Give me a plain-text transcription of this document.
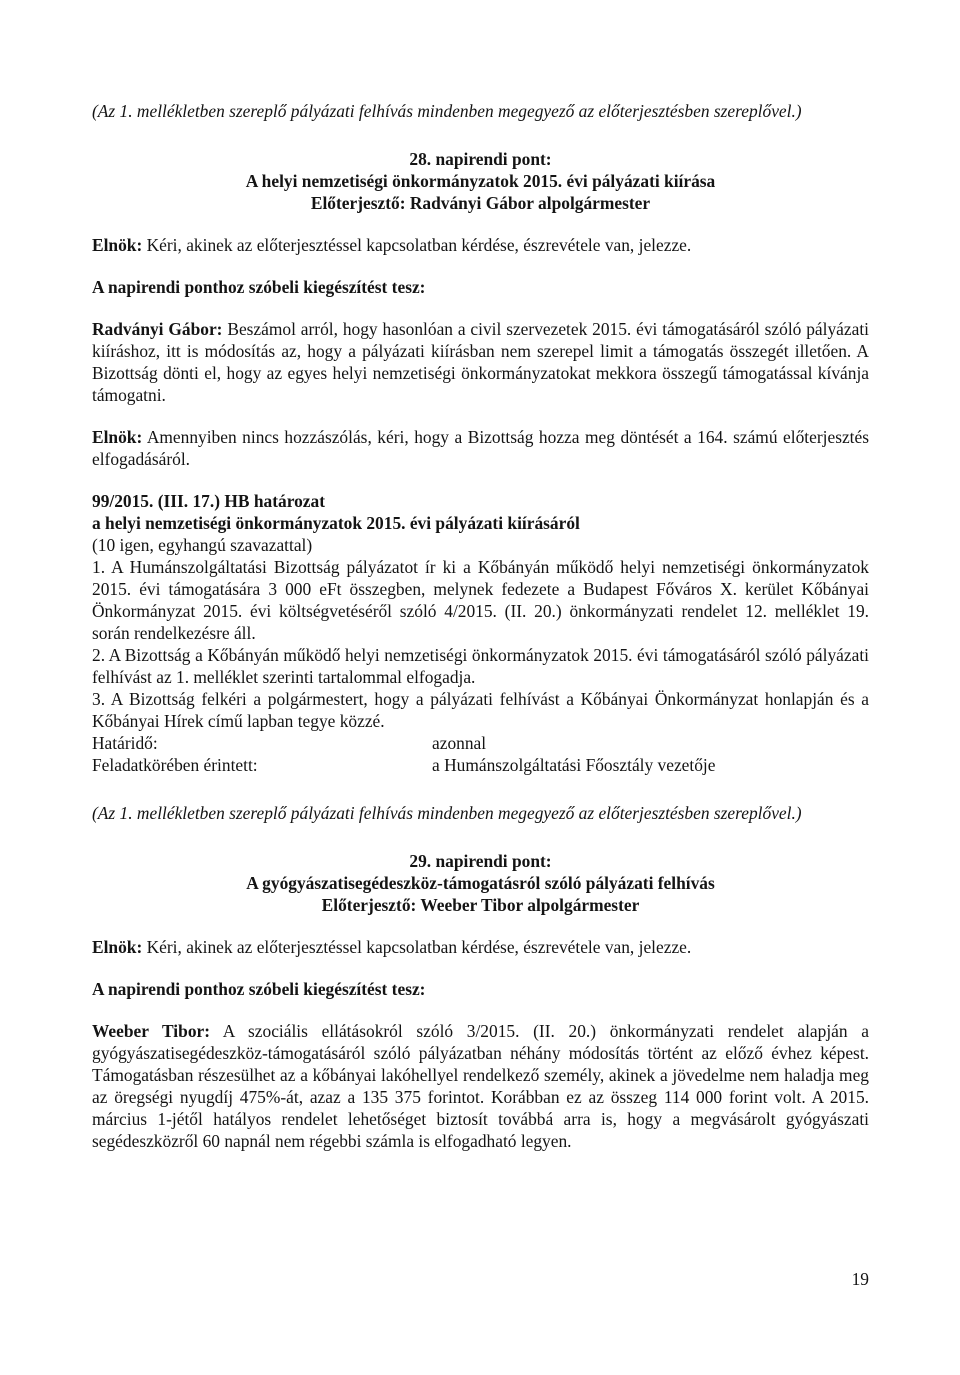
(Az 1. mellékletben szereplő pályázati felhívás mindenben megegyező az előterjesztésben szereplővel.)

28. napirendi pont:

A helyi nemzetiségi önkormányzatok 2015. évi pályázati kiírása

Előterjesztő: Radványi Gábor alpolgármester

Elnök: Kéri, akinek az előterjesztéssel kapcsolatban kérdése, észrevétele van, jelezze.

A napirendi ponthoz szóbeli kiegészítést tesz:

Radványi Gábor: Beszámol arról, hogy hasonlóan a civil szervezetek 2015. évi támogatásáról szóló pályázati kiíráshoz, itt is módosítás az, hogy a pályázati kiírásban nem szerepel limit a támogatás összegét illetően. A Bizottság dönti el, hogy az egyes helyi nemzetiségi önkormányzatokat mekkora összegű támogatással kívánja támogatni.

Elnök: Amennyiben nincs hozzászólás, kéri, hogy a Bizottság hozza meg döntését a 164. számú előterjesztés elfogadásáról.

99/2015. (III. 17.) HB határozat

a helyi nemzetiségi önkormányzatok 2015. évi pályázati kiírásáról

(10 igen, egyhangú szavazattal)

1. A Humánszolgáltatási Bizottság pályázatot ír ki a Kőbányán működő helyi nemzetiségi önkormányzatok 2015. évi támogatására 3 000 eFt összegben, melynek fedezete a Budapest Főváros X. kerület Kőbányai Önkormányzat 2015. évi költségvetéséről szóló 4/2015. (II. 20.) önkormányzati rendelet 12. melléklet 19. során rendelkezésre áll.

2. A Bizottság a Kőbányán működő helyi nemzetiségi önkormányzatok 2015. évi támogatásáról szóló pályázati felhívást az 1. melléklet szerinti tartalommal elfogadja.

3. A Bizottság felkéri a polgármestert, hogy a pályázati felhívást a Kőbányai Önkormányzat honlapján és a Kőbányai Hírek című lapban tegye közzé.

Határidő:	azonnal
Feladatkörében érintett:	a Humánszolgáltatási Főosztály vezetője

(Az 1. mellékletben szereplő pályázati felhívás mindenben megegyező az előterjesztésben szereplővel.)

29. napirendi pont:

A gyógyászatisegédeszköz-támogatásról szóló pályázati felhívás

Előterjesztő: Weeber Tibor alpolgármester

Elnök: Kéri, akinek az előterjesztéssel kapcsolatban kérdése, észrevétele van, jelezze.

A napirendi ponthoz szóbeli kiegészítést tesz:

Weeber Tibor: A szociális ellátásokról szóló 3/2015. (II. 20.) önkormányzati rendelet alapján a gyógyászatisegédeszköz-támogatásáról szóló pályázatban néhány módosítás történt az előző évhez képest. Támogatásban részesülhet az a kőbányai lakóhellyel rendelkező személy, akinek a jövedelme nem haladja meg az öregségi nyugdíj 475%-át, azaz a 135 375 forintot. Korábban ez az összeg 114 000 forint volt. A 2015. március 1-jétől hatályos rendelet lehetőséget biztosít továbbá arra is, hogy a megvásárolt gyógyászati segédeszközről 60 napnál nem régebbi számla is elfogadható legyen.

19
